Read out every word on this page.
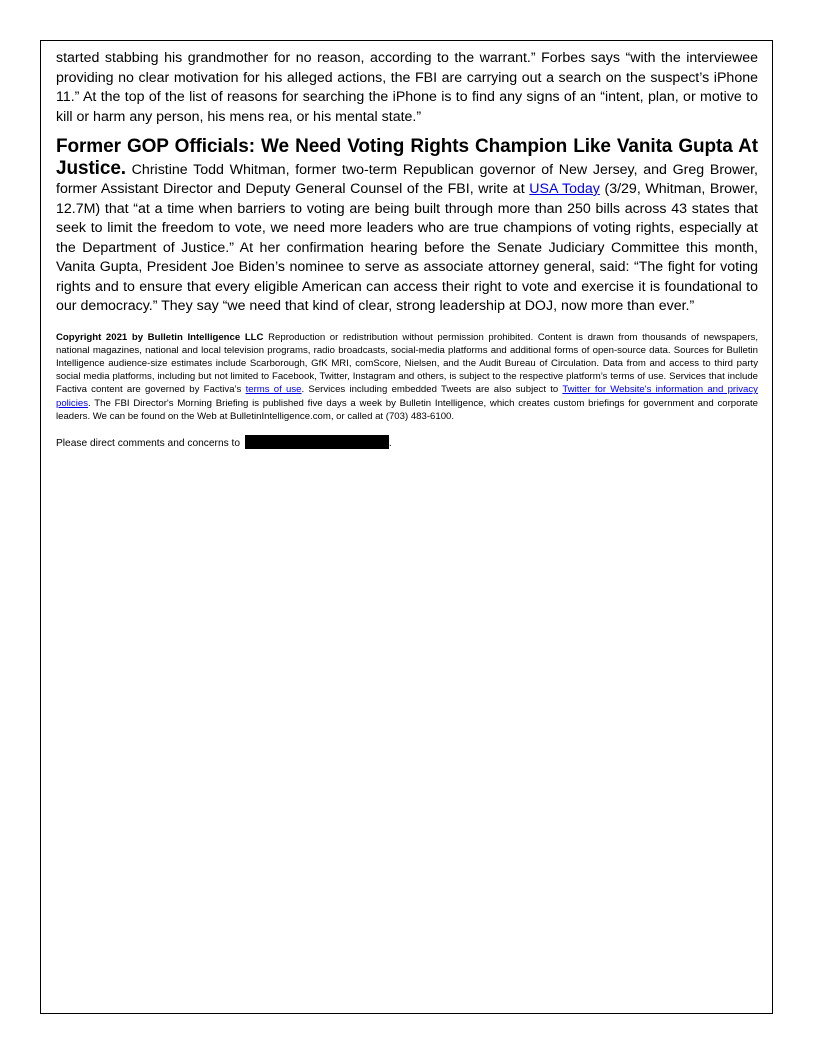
started stabbing his grandmother for no reason, according to the warrant.” Forbes says “with the interviewee providing no clear motivation for his alleged actions, the FBI are carrying out a search on the suspect’s iPhone 11.” At the top of the list of reasons for searching the iPhone is to find any signs of an “intent, plan, or motive to kill or harm any person, his mens rea, or his mental state.”

Former GOP Officials: We Need Voting Rights Champion Like Vanita Gupta At Justice. Christine Todd Whitman, former two-term Republican governor of New Jersey, and Greg Brower, former Assistant Director and Deputy General Counsel of the FBI, write at USA Today (3/29, Whitman, Brower, 12.7M) that “at a time when barriers to voting are being built through more than 250 bills across 43 states that seek to limit the freedom to vote, we need more leaders who are true champions of voting rights, especially at the Department of Justice.” At her confirmation hearing before the Senate Judiciary Committee this month, Vanita Gupta, President Joe Biden’s nominee to serve as associate attorney general, said: “The fight for voting rights and to ensure that every eligible American can access their right to vote and exercise it is foundational to our democracy.” They say “we need that kind of clear, strong leadership at DOJ, now more than ever.”

Copyright 2021 by Bulletin Intelligence LLC Reproduction or redistribution without permission prohibited. Content is drawn from thousands of newspapers, national magazines, national and local television programs, radio broadcasts, social-media platforms and additional forms of open-source data. Sources for Bulletin Intelligence audience-size estimates include Scarborough, GfK MRI, comScore, Nielsen, and the Audit Bureau of Circulation. Data from and access to third party social media platforms, including but not limited to Facebook, Twitter, Instagram and others, is subject to the respective platform’s terms of use. Services that include Factiva content are governed by Factiva’s terms of use. Services including embedded Tweets are also subject to Twitter for Website's information and privacy policies. The FBI Director's Morning Briefing is published five days a week by Bulletin Intelligence, which creates custom briefings for government and corporate leaders. We can be found on the Web at BulletinIntelligence.com, or called at (703) 483-6100.

Please direct comments and concerns to	.
